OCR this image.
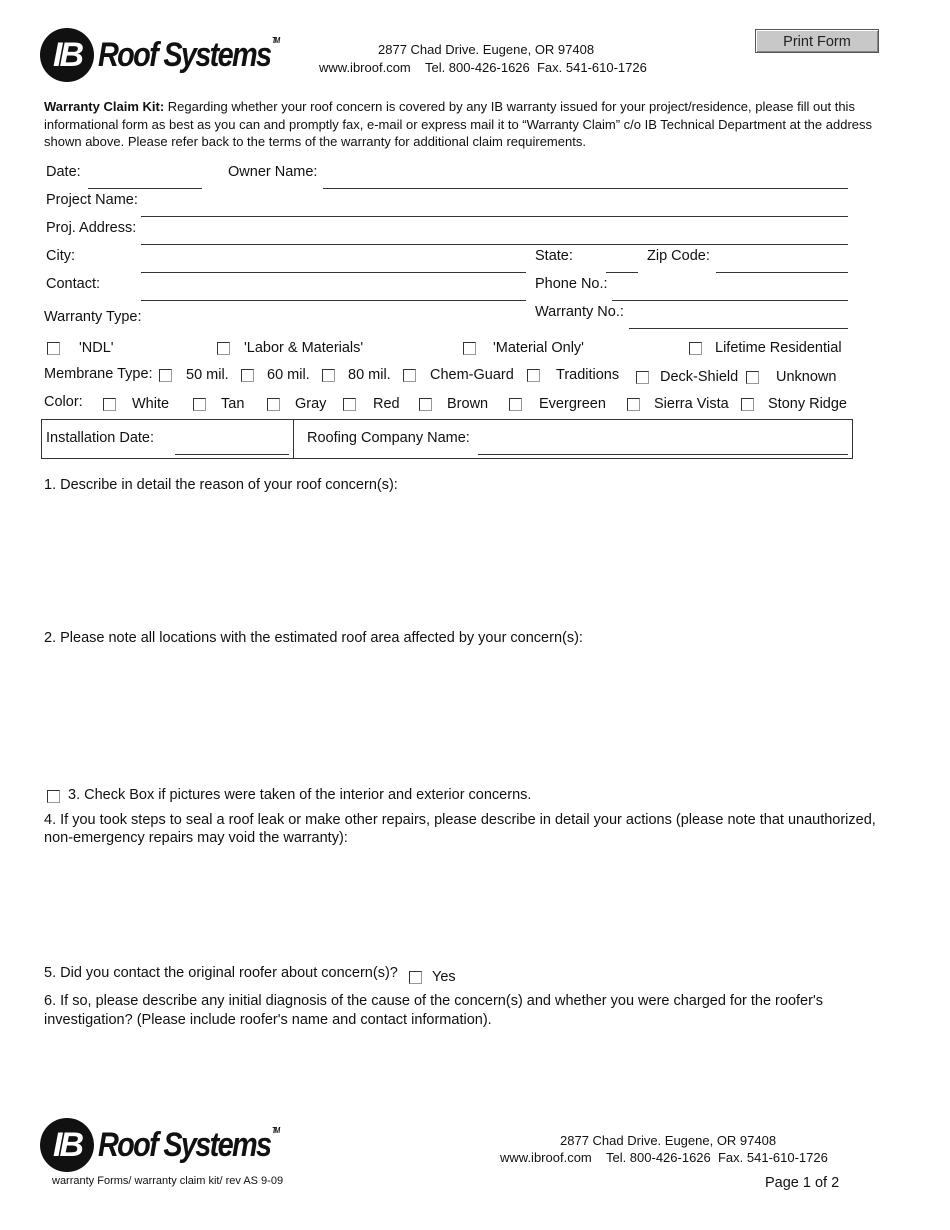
IB Roof Systems ™
2877 Chad Drive. Eugene, OR 97408
www.ibroof.com    Tel. 800-426-1626  Fax. 541-610-1726
Print Form
Warranty Claim Kit: Regarding whether your roof concern is covered by any IB warranty issued for your project/residence, please fill out this
informational form as best as you can and promptly fax, e-mail or express mail it to “Warranty Claim” c/o IB Technical Department at the address
shown above. Please refer back to the terms of the warranty for additional claim requirements.
Date:	Owner Name:
Project Name:
Proj. Address:
City:	State:	Zip Code:
Contact:	Phone No.:
Warranty Type:	Warranty No.:
'NDL'	'Labor & Materials'	'Material Only'	Lifetime Residential
Membrane Type: 50 mil.	60 mil.	80 mil.	Chem-Guard	Traditions	Deck-Shield	Unknown
Color:	White	Tan	Gray	Red	Brown	Evergreen	Sierra Vista	Stony Ridge
Installation Date:	Roofing Company Name:
1. Describe in detail the reason of your roof concern(s):
2. Please note all locations with the estimated roof area affected by your concern(s):
3. Check Box if pictures were taken of the interior and exterior concerns.
4. If you took steps to seal a roof leak or make other repairs, please describe in detail your actions (please note that unauthorized,
non-emergency repairs may void the warranty):
5. Did you contact the original roofer about concern(s)? Yes
6. If so, please describe any initial diagnosis of the cause of the concern(s) and whether you were charged for the roofer's
investigation? (Please include roofer's name and contact information).
IB Roof Systems ™
warranty Forms/ warranty claim kit/ rev AS 9-09
2877 Chad Drive. Eugene, OR 97408
www.ibroof.com    Tel. 800-426-1626  Fax. 541-610-1726
Page 1 of 2
